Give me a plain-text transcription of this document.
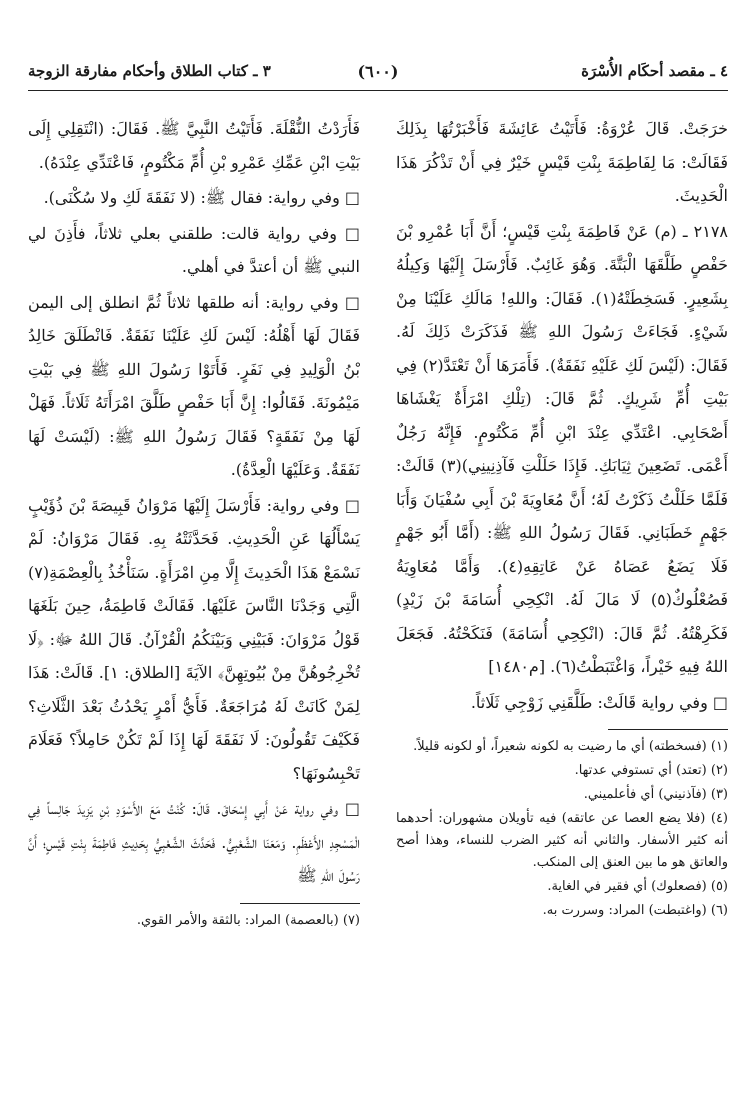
٤ ـ مقصد أحكَام الأُسْرَة
(٦٠٠)
٣ ـ كتاب الطلاق وأحكام مفارقة الزوجة

خرَجَتْ. قَالَ عُرْوَةُ: فَأَتَيْتُ عَائِشَةَ فَأَخْبَرْتُهَا بِذَلِكَ فَقَالَتْ: مَا لِفَاطِمَةَ بِنْتِ قَيْسٍ خَيْرٌ فِي أَنْ تَذْكُرَ هَذَا الْحَدِيثَ.

٢١٧٨ ـ (م) عَنْ فَاطِمَةَ بِنْتِ قَيْسٍ؛ أَنَّ أَبَا عُمْرِو بْنَ حَفْصٍ طَلَّقَهَا الْبَتَّةَ. وَهُوَ غَائِبٌ. فَأَرْسَلَ إِلَيْهَا وَكِيلُهُ بِشَعِيرٍ. فَسَخِطَتْهُ(١). فَقَالَ: واللهِ! مَالَكِ عَلَيْنَا مِنْ شَيْءٍ. فَجَاءَتْ رَسُولَ اللهِ ﷺ فَذَكَرَتْ ذَلِكَ لَهُ. فَقَالَ: (لَيْسَ لَكِ عَلَيْهِ نَفَقَةٌ). فَأَمَرَهَا أَنْ تَعْتَدَّ(٢) فِي بَيْتِ أُمِّ شَرِيكٍ. ثُمَّ قَالَ: (تِلْكِ امْرَأَةٌ يَغْشَاهَا أَصْحَابِي. اعْتَدِّي عِنْدَ ابْنِ أُمِّ مَكْتُومٍ. فَإِنَّهُ رَجُلٌ أَعْمَى. تَضَعِينَ ثِيَابَكِ. فَإِذَا حَلَلْتِ فَآذِنِينِي)(٣) قَالَتْ: فَلَمَّا حَلَلْتُ ذَكَرْتُ لَهُ؛ أَنَّ مُعَاوِيَةَ بْنَ أَبِي سُفْيَانَ وَأَبَا جَهْمٍ خَطَبَانِي. فَقَالَ رَسُولُ اللهِ ﷺ: (أَمَّا أَبُو جَهْمٍ فَلَا يَضَعُ عَصَاهُ عَنْ عَاتِقِهِ(٤). وَأَمَّا مُعَاوِيَةُ فَصُعْلُوكٌ(٥) لَا مَالَ لَهُ. انْكِحِي أُسَامَةَ بْنَ زَيْدٍ) فَكَرِهْتُهُ. ثُمَّ قَالَ: (انْكِحِي أُسَامَةَ) فَنَكَحْتُهُ. فَجَعَلَ اللهُ فِيهِ خَيْراً، وَاغْتَبَطْتُ(٦). [م١٤٨٠]

□ وفي رواية قَالَتْ: طَلَّقَنِي زَوْجِي ثَلَاثاً.

(١) (فسخطته) أي ما رضيت به لكونه شعيراً، أو لكونه قليلاً.

(٢) (تعتد) أي تستوفي عدتها.

(٣) (فآذنيني) أي فأعلميني.

(٤) (فلا يضع العصا عن عاتقه) فيه تأويلان مشهوران: أحدهما أنه كثير الأسفار. والثاني أنه كثير الضرب للنساء، وهذا أصح والعاتق هو ما بين العنق إلى المنكب.

(٥) (فصعلوك) أي فقير في الغاية.

(٦) (واغتبطت) المراد: وسررت به.

فَأَرَدْتُ النُّقْلَةَ. فَأَتَيْتُ النَّبِيَّ ﷺ. فَقَالَ: (انْتَقِلِي إِلَى بَيْتِ ابْنِ عَمِّكِ عَمْرِو بْنِ أُمِّ مَكْتُومٍ، فَاعْتَدِّي عِنْدَهُ).

□ وفي رواية: فقال ﷺ: (لا نَفَقَةَ لَكِ ولا سُكْنَى).

□ وفي رواية قالت: طلقني بعلي ثلاثاً، فأَذِنَ لي النبي ﷺ أن أعتدَّ في أهلي.

□ وفي رواية: أنه طلقها ثلاثاً ثُمَّ انطلق إلى اليمن فَقَالَ لَهَا أَهْلُهُ: لَيْسَ لَكِ عَلَيْنَا نَفَقَةٌ. فَانْطَلَقَ خَالِدُ بْنُ الْوَلِيدِ فِي نَفَرٍ. فَأَتَوْا رَسُولَ اللهِ ﷺ فِي بَيْتِ مَيْمُونَةَ. فَقَالُوا: إِنَّ أَبَا حَفْصٍ طَلَّقَ امْرَأَتَهُ ثَلَاثاً. فَهَلْ لَهَا مِنْ نَفَقَةٍ؟ فَقَالَ رَسُولُ اللهِ ﷺ: (لَيْسَتْ لَهَا نَفَقَةٌ. وَعَلَيْهَا الْعِدَّةُ).

□ وفي رواية: فَأَرْسَلَ إِلَيْهَا مَرْوَانُ قَبِيصَةَ بْنَ ذُؤَيْبٍ يَسْأَلُهَا عَنِ الْحَدِيثِ. فَحَدَّثَتْهُ بِهِ. فَقَالَ مَرْوَانُ: لَمْ نَسْمَعْ هَذَا الْحَدِيثَ إِلَّا مِنِ امْرَأَةٍ. سَنَأْخُذُ بِالْعِصْمَةِ(٧) الَّتِي وَجَدْنَا النَّاسَ عَلَيْهَا. فَقَالَتْ فَاطِمَةُ، حِينَ بَلَغَهَا قَوْلُ مَرْوَانَ: فَبَيْنِي وَبَيْنَكُمُ الْقُرْآنُ. قَالَ اللهُ ﷻ: ﴿لَا تُخْرِجُوهُنَّ مِنْ بُيُوتِهِنَّ﴾ الآيَةَ [الطلاق: ١]. قَالَتْ: هَذَا لِمَنْ كَانَتْ لَهُ مُرَاجَعَةٌ. فَأَيُّ أَمْرٍ يَحْدُثُ بَعْدَ الثَّلَاثِ؟ فَكَيْفَ تَقُولُونَ: لَا نَفَقَةَ لَهَا إِذَا لَمْ تَكُنْ حَامِلاً؟ فَعَلَامَ تَحْبِسُونَهَا؟

□ وفي رواية عَنْ أَبِي إِسْحَاقَ. قَالَ: كُنْتُ مَعَ الأَسْوَدِ بْنِ يَزِيدَ جَالِساً فِي الْمَسْجِدِ الأَعْظَمِ. وَمَعَنَا الشَّعْبِيُّ. فَحَدَّثَ الشَّعْبِيُّ بِحَدِيثِ فَاطِمَةَ بِنْتِ قَيْسٍ؛ أَنَّ رَسُولَ اللهِ ﷺ

(٧) (بالعصمة) المراد: بالثقة والأمر القوي.
